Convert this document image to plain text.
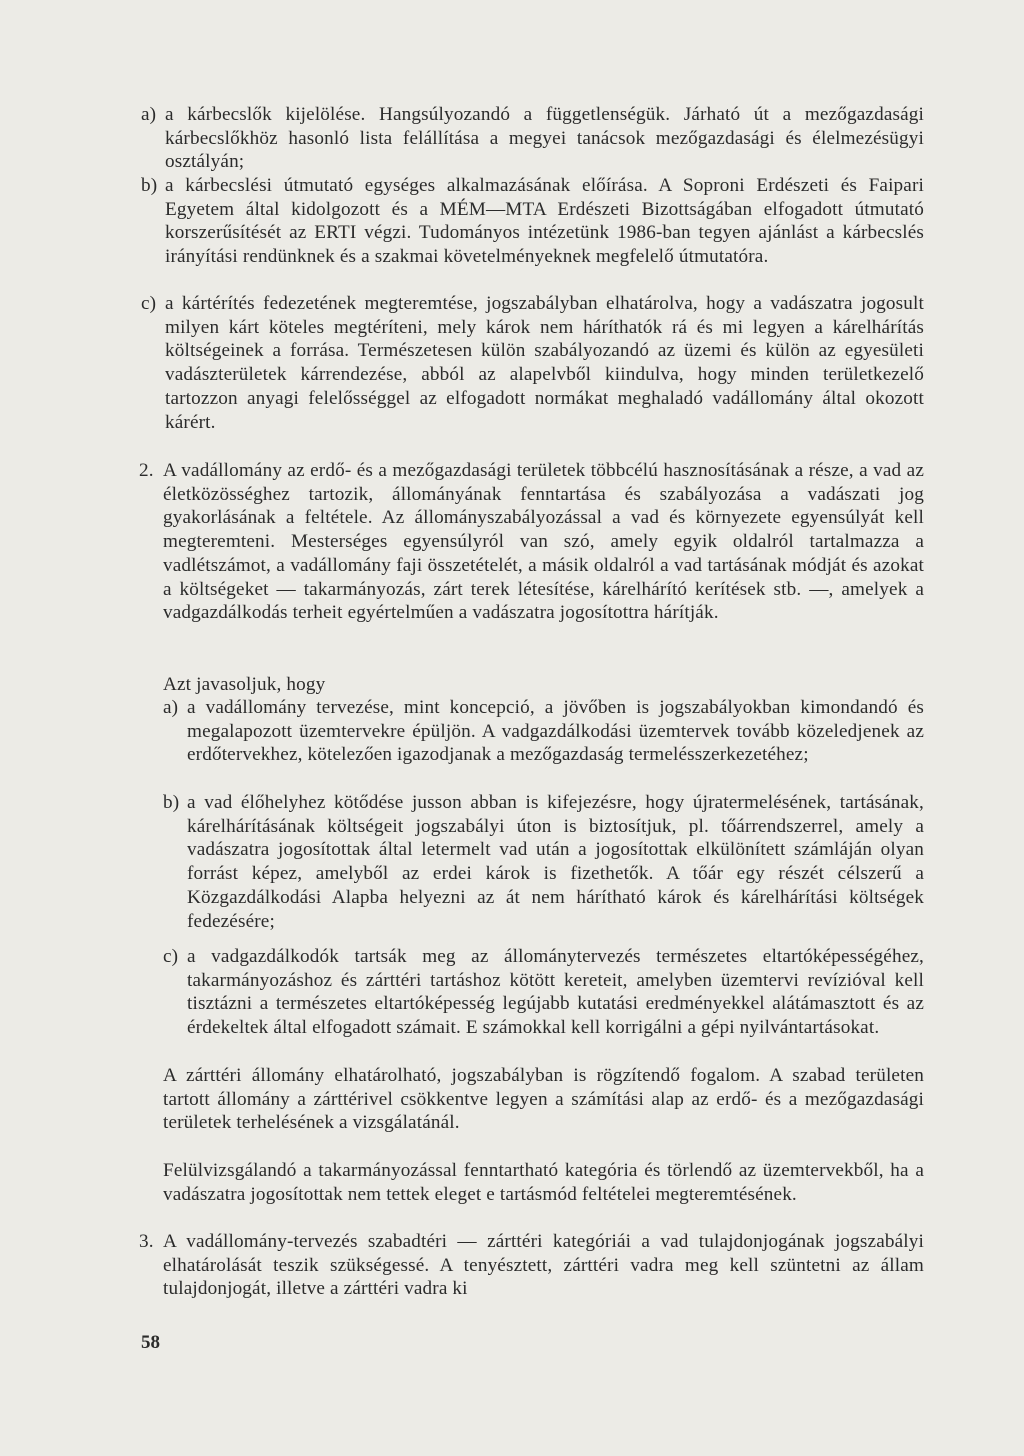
a) a kárbecslők kijelölése. Hangsúlyozandó a függetlenségük. Járható út a mezőgazdasági kárbecslőkhöz hasonló lista felállítása a megyei tanácsok mezőgazdasági és élelmezésügyi osztályán;

b) a kárbecslési útmutató egységes alkalmazásának előírása. A Soproni Erdészeti és Faipari Egyetem által kidolgozott és a MÉM—MTA Erdészeti Bizottságában elfogadott útmutató korszerűsítését az ERTI végzi. Tudományos intézetünk 1986-ban tegyen ajánlást a kárbecslés irányítási rendünknek és a szakmai követelményeknek megfelelő útmutatóra.

c) a kártérítés fedezetének megteremtése, jogszabályban elhatárolva, hogy a vadászatra jogosult milyen kárt köteles megtéríteni, mely károk nem háríthatók rá és mi legyen a kárelhárítás költségeinek a forrása. Természetesen külön szabályozandó az üzemi és külön az egyesületi vadászterületek kárrendezése, abból az alapelvből kiindulva, hogy minden területkezelő tartozzon anyagi felelősséggel az elfogadott normákat meghaladó vadállomány által okozott kárért.

2. A vadállomány az erdő- és a mezőgazdasági területek többcélú hasznosításának a része, a vad az életközösséghez tartozik, állományának fenntartása és szabályozása a vadászati jog gyakorlásának a feltétele. Az állományszabályozással a vad és környezete egyensúlyát kell megteremteni. Mesterséges egyensúlyról van szó, amely egyik oldalról tartalmazza a vadlétszámot, a vadállomány faji összetételét, a másik oldalról a vad tartásának módját és azokat a költségeket — takarmányozás, zárt terek létesítése, kárelhárító kerítések stb. —, amelyek a vadgazdálkodás terheit egyértelműen a vadászatra jogosítottra hárítják.

Azt javasoljuk, hogy

a) a vadállomány tervezése, mint koncepció, a jövőben is jogszabályokban kimondandó és megalapozott üzemtervekre épüljön. A vadgazdálkodási üzemtervek tovább közeledjenek az erdőtervekhez, kötelezően igazodjanak a mezőgazdaság termelésszerkezetéhez;

b) a vad élőhelyhez kötődése jusson abban is kifejezésre, hogy újratermelésének, tartásának, kárelhárításának költségeit jogszabályi úton is biztosítjuk, pl. tőárrendszerrel, amely a vadászatra jogosítottak által letermelt vad után a jogosítottak elkülönített számláján olyan forrást képez, amelyből az erdei károk is fizethetők. A tőár egy részét célszerű a Közgazdálkodási Alapba helyezni az át nem hárítható károk és kárelhárítási költségek fedezésére;

c) a vadgazdálkodók tartsák meg az állománytervezés természetes eltartóképességéhez, takarmányozáshoz és zárttéri tartáshoz kötött kereteit, amelyben üzemtervi revízióval kell tisztázni a természetes eltartóképesség legújabb kutatási eredményekkel alátámasztott és az érdekeltek által elfogadott számait. E számokkal kell korrigálni a gépi nyilvántartásokat.

A zárttéri állomány elhatárolható, jogszabályban is rögzítendő fogalom. A szabad területen tartott állomány a zárttérivel csökkentve legyen a számítási alap az erdő- és a mezőgazdasági területek terhelésének a vizsgálatánál.

Felülvizsgálandó a takarmányozással fenntartható kategória és törlendő az üzemtervekből, ha a vadászatra jogosítottak nem tettek eleget e tartásmód feltételei megteremtésének.

3. A vadállomány-tervezés szabadtéri — zárttéri kategóriái a vad tulajdonjogának jogszabályi elhatárolását teszik szükségessé. A tenyésztett, zárttéri vadra meg kell szüntetni az állam tulajdonjogát, illetve a zárttéri vadra ki

58
